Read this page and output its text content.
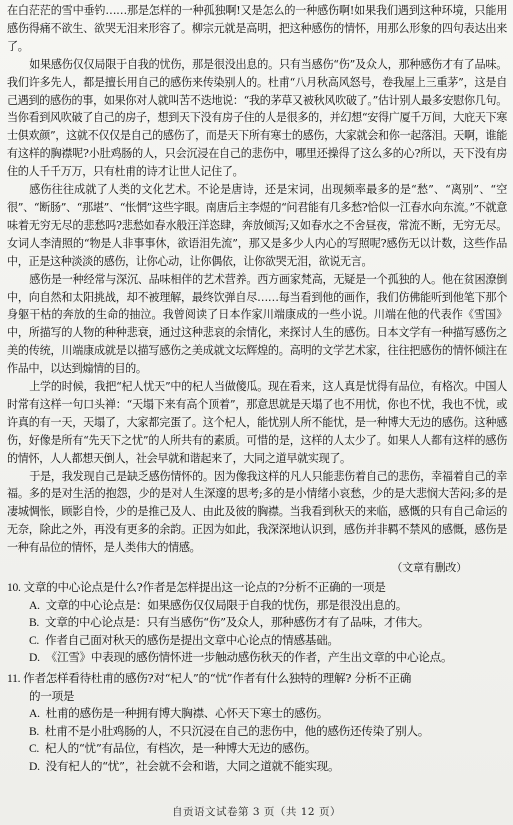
在白茫茫的雪中垂钓……那是怎样的一种孤独啊!又是怎么的一种感伤啊!如果我们遇到这种环境，只能用感伤得痛不欲生、欲哭无泪来形容了。柳宗元就是高明，把这种感伤的情怀，用那么形象的四句表达出来了。

如果感伤仅仅局限于自我的忧伤，那是很没出息的。只有当感伤“伤”及众人，那种感伤才有了品味。我们许多先人，都是擅长用自己的感伤来传染别人的。杜甫“八月秋高风怒号，卷我屋上三重茅”，这是自己遇到的感伤的事，如果你对人就叫苦不迭地说：“我的茅草又被秋风吹破了。”估计别人最多安慰你几句。当你看到风吹破了自己的房子，想到天下没有房子住的人是很多的，并幻想“安得广厦千万间，大庇天下寒士俱欢颜”，这就不仅仅是自己的感伤了，而是天下所有寒士的感伤，大家就会和你一起落泪。天啊，谁能有这样的胸襟呢?小肚鸡肠的人，只会沉浸在自己的悲伤中，哪里还操得了这么多的心?所以，天下没有房住的人千千万万，只有杜甫的诗才让世人记住了。

感伤往往成就了人类的文化艺术。不论是唐诗，还是宋词，出现频率最多的是“愁”、“离别”、“空很”、“断肠”、“那堪”、“怅惘”这些字眼。南唐后主李煜的“问君能有几多愁?恰似一江春水向东流。”不就意味着无穷无尽的悲愁吗?悲愁如春水般汪洋恣肆，奔放倾泻;又如春水之不舍昼夜，常流不断，无穷无尽。女词人李清照的“物是人非事事休，欲语泪先流”，那又是多少人内心的写照呢?感伤无以计数，这些作品中，正是这种淡淡的感伤，让你心动，让你偶依，让你欲哭无泪，欲说无言。

感伤是一种经常与深沉、品味相伴的艺术营养。西方画家梵高，无疑是一个孤独的人。他在贫困潦倒中，向自然和太阳挑战，却不被理解，最终饮弹自尽……每当看到他的画作，我们仿佛能听到他笔下那个身躯干枯的奔放的生命的抽泣。我曾阅读了日本作家川端康成的一些小说。川端在他的代表作《雪国》中，所描写的人物的种种悲衰，通过这种悲哀的余情化，来探讨人生的感伤。日本文学有一种描写感伤之美的传统，川端康成就是以描写感伤之美成就文坛辉煌的。高明的文学艺术家，往往把感伤的情怀倾注在作品中，以达到煽情的目的。

上学的时候，我把“杞人忧天”中的杞人当做傻瓜。现在看来，这人真是忧得有品位，有格次。中国人时常有这样一句口头禅：“天塌下来有高个顶着”，那意思就是天塌了也不用忧，你也不忧，我也不忧，或许真的有一天，天塌了，大家都完蛋了。这个杞人，能忧别人所不能忧，是一种博大无边的感伤。这种感伤，好像是所有“先天下之忧”的人所共有的素质。可惜的是，这样的人太少了。如果人人都有这样的感伤的情怀，人人都想天倒人，社会早就和谐起来了，大同之道早就实现了。

于是，我发现自己是缺乏感伤情怀的。因为像我这样的凡人只能悲伤着自己的悲伤，幸福着自己的幸福。多的是对生活的抱怨，少的是对人生深邃的思考;多的是小情绪小哀愁，少的是大悲悯大苦闷;多的是凄城惆怅，顾影自怜，少的是推己及人、由此及彼的胸襟。当我看到秋天的来临，感慨的只有自己命运的无奈，除此之外，再没有更多的余韵。正因为如此，我深深地认识到，感伤并非羁不禁风的感慨，感伤是一种有品位的情怀，是人类伟大的情感。

（文章有删改）

10. 文章的中心论点是什么?作者是怎样提出这一论点的?分析不正确的一项是

A. 文章的中心论点是：如果感伤仅仅局限于自我的忧伤，那是很没出息的。

B. 文章的中心论点是：只有当感伤“伤”及众人，那种感伤才有了品味，才伟大。

C. 作者自己面对秋天的感伤是提出文章中心论点的情感基础。

D. 《江雪》中表现的感伤情怀进一步触动感伤秋天的作者，产生出文章的中心论点。

11. 作者怎样看待杜甫的感伤?对“杞人”的“忧”作者有什么独特的理解? 分析不正确

的一项是

A. 杜甫的感伤是一种拥有博大胸襟、心怀天下寒士的感伤。

B. 杜甫不是小肚鸡肠的人，不只沉浸在自己的悲伤中，他的感伤还传染了别人。

C. 杞人的“忧”有品位，有档次，是一种博大无边的感伤。

D. 没有杞人的“忧”，社会就不会和谐，大同之道就不能实现。

自贡语文试卷第 3 页（共 12 页）
